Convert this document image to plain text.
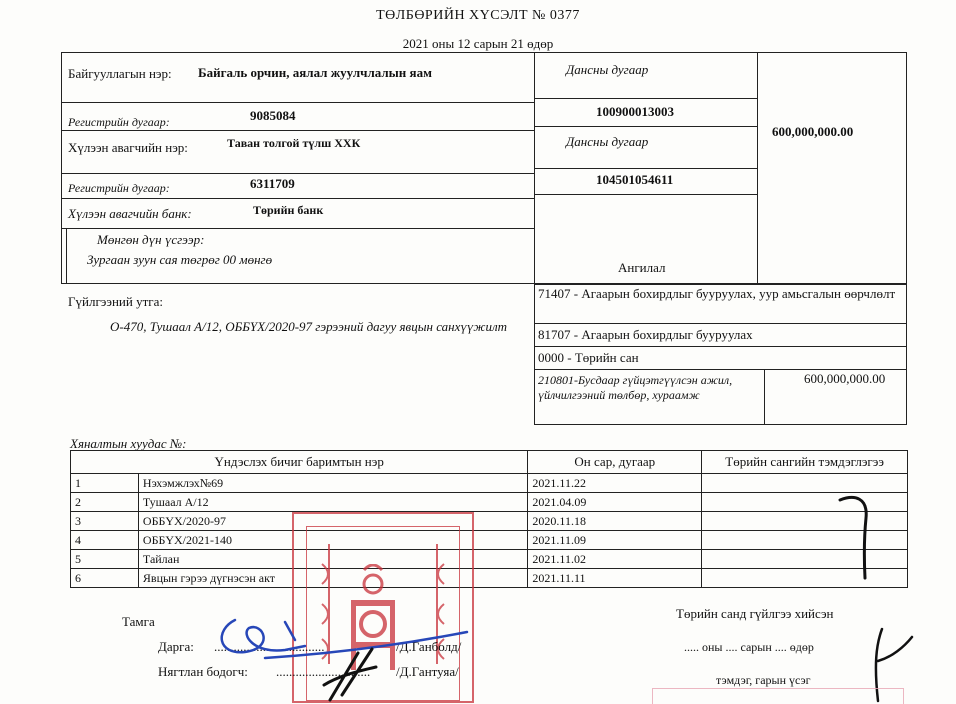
ТӨЛБӨРИЙН ХҮСЭЛТ № 0377
2021 оны 12 сарын 21 өдөр
Байгууллагын нэр: Байгаль орчин, аялал жуулчлалын яам	Дансны дугаар
Регистрийн дугаар:	9085084	100900013003
600,000,000.00
Хүлээн авагчийн нэр:	Таван толгой түлш ХХК	Дансны дугаар
Регистрийн дугаар:	6311709	104501054611
Хүлээн авагчийн банк:	Төрийн банк
Мөнгөн дүн үсгээр:
Зургаан зуун сая төгрөг 00 мөнгө
Ангилал
71407 - Агаарын бохирдлыг бууруулах, уур амьсгалын өөрчлөлт
81707 - Агаарын бохирдлыг бууруулах
0000 - Төрийн сан
210801-Бусдаар гүйцэтгүүлсэн ажил, үйлчилгээний төлбөр, хураамж
600,000,000.00
Гүйлгээний утга:
О-470, Тушаал А/12, ОББҮХ/2020-97 гэрээний дагуу явцын санхүүжилт
Хяналтын хуудас №:
Үндэслэх бичиг баримтын нэр		Он сар, дугаар	Төрийн сангийн тэмдэглэгээ
1	Нэхэмжлэх№69	2021.11.22	
2	Тушаал А/12	2021.04.09	
3	ОББҮХ/2020-97	2020.11.18	
4	ОББҮХ/2021-140	2021.11.09	
5	Тайлан	2021.11.02	
6	Явцын гэрээ дүгнэсэн акт	2021.11.11	
Тамга
Дарга: ..................................	/Д.Ганболд/
Нягтлан бодогч: ............................. /Д.Гантуяа/
Төрийн санд гүйлгээ хийсэн
..... оны .... сарын .... өдөр
тэмдэг, гарын үсэг
